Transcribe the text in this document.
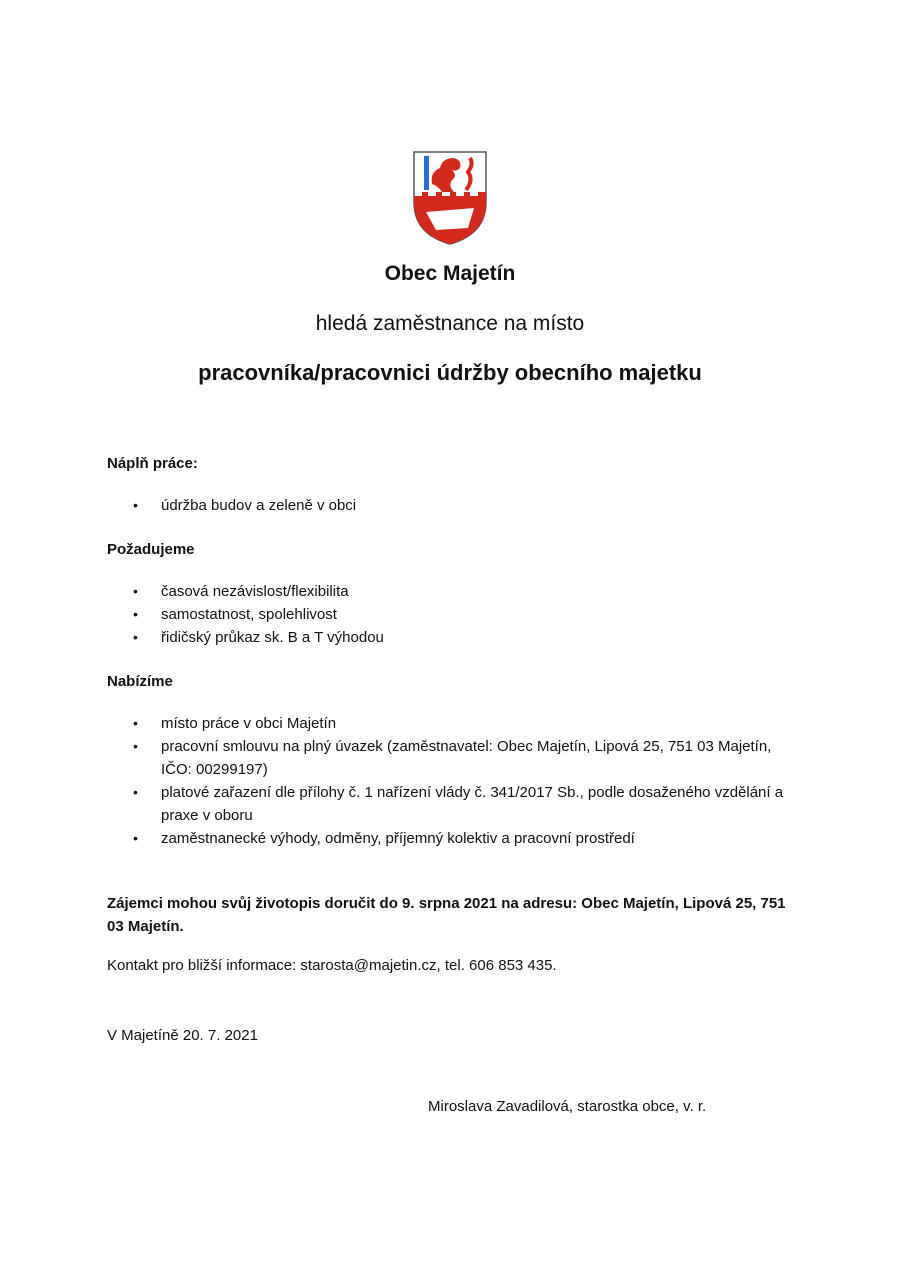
Obec Majetín
hledá zaměstnance na místo
pracovníka/pracovnici údržby obecního majetku

Náplň práce:

• údržba budov a zeleně v obci

Požadujeme

• časová nezávislost/flexibilita
• samostatnost, spolehlivost
• řidičský průkaz sk. B a T výhodou

Nabízíme

• místo práce v obci Majetín
• pracovní smlouvu na plný úvazek (zaměstnavatel: Obec Majetín, Lipová 25, 751 03 Majetín, IČO: 00299197)
• platové zařazení dle přílohy č. 1 nařízení vlády č. 341/2017 Sb., podle dosaženého vzdělání a praxe v oboru
• zaměstnanecké výhody, odměny, příjemný kolektiv a pracovní prostředí
Zájemci mohou svůj životopis doručit do 9. srpna 2021 na adresu: Obec Majetín, Lipová 25, 751 03 Majetín.
Kontakt pro bližší informace: starosta@majetin.cz, tel. 606 853 435.
V Majetíně 20. 7. 2021
Miroslava Zavadilová, starostka obce, v. r.
